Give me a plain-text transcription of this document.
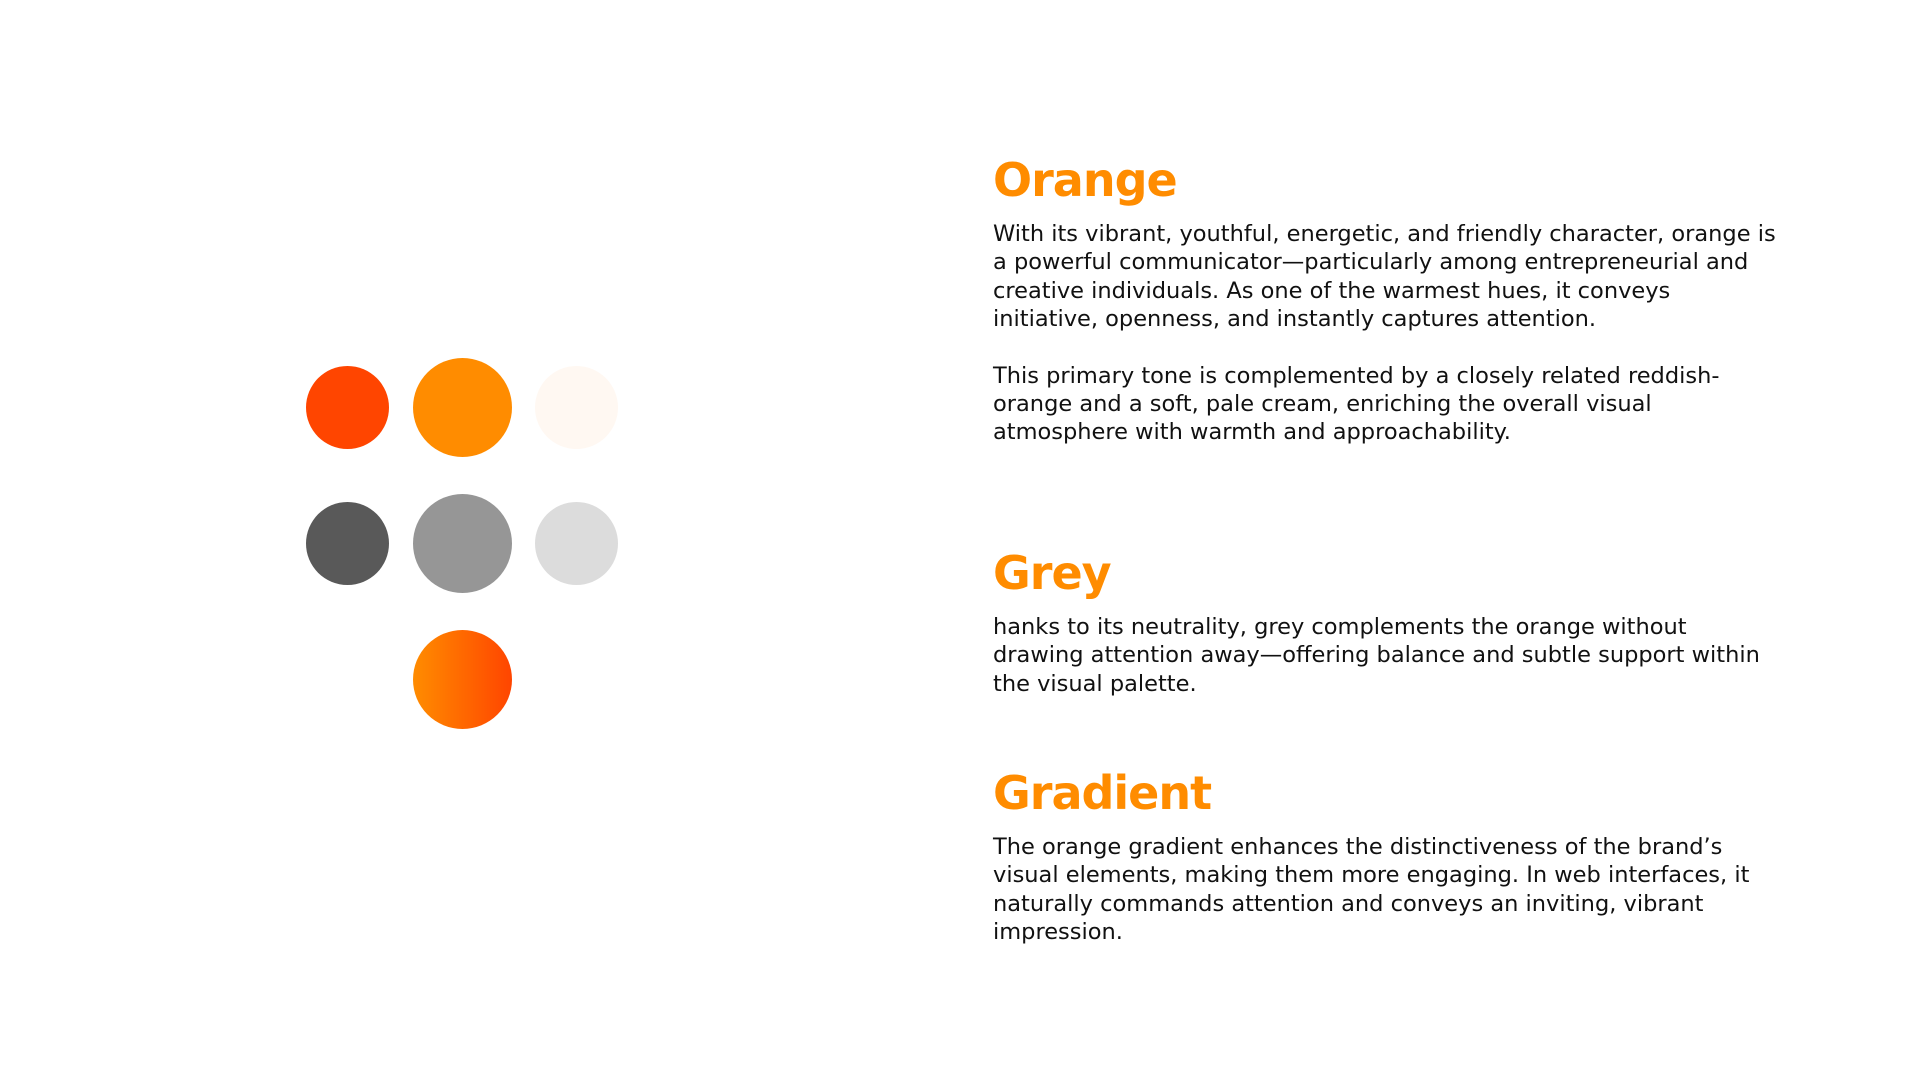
Orange

With its vibrant, youthful, energetic, and friendly character, orange is
a powerful communicator—particularly among entrepreneurial and
creative individuals. As one of the warmest hues, it conveys
initiative, openness, and instantly captures attention.

This primary tone is complemented by a closely related reddish-
orange and a soft, pale cream, enriching the overall visual
atmosphere with warmth and approachability.

Grey

hanks to its neutrality, grey complements the orange without
drawing attention away—offering balance and subtle support within
the visual palette.

Gradient

The orange gradient enhances the distinctiveness of the brand’s
visual elements, making them more engaging. In web interfaces, it
naturally commands attention and conveys an inviting, vibrant
impression.
